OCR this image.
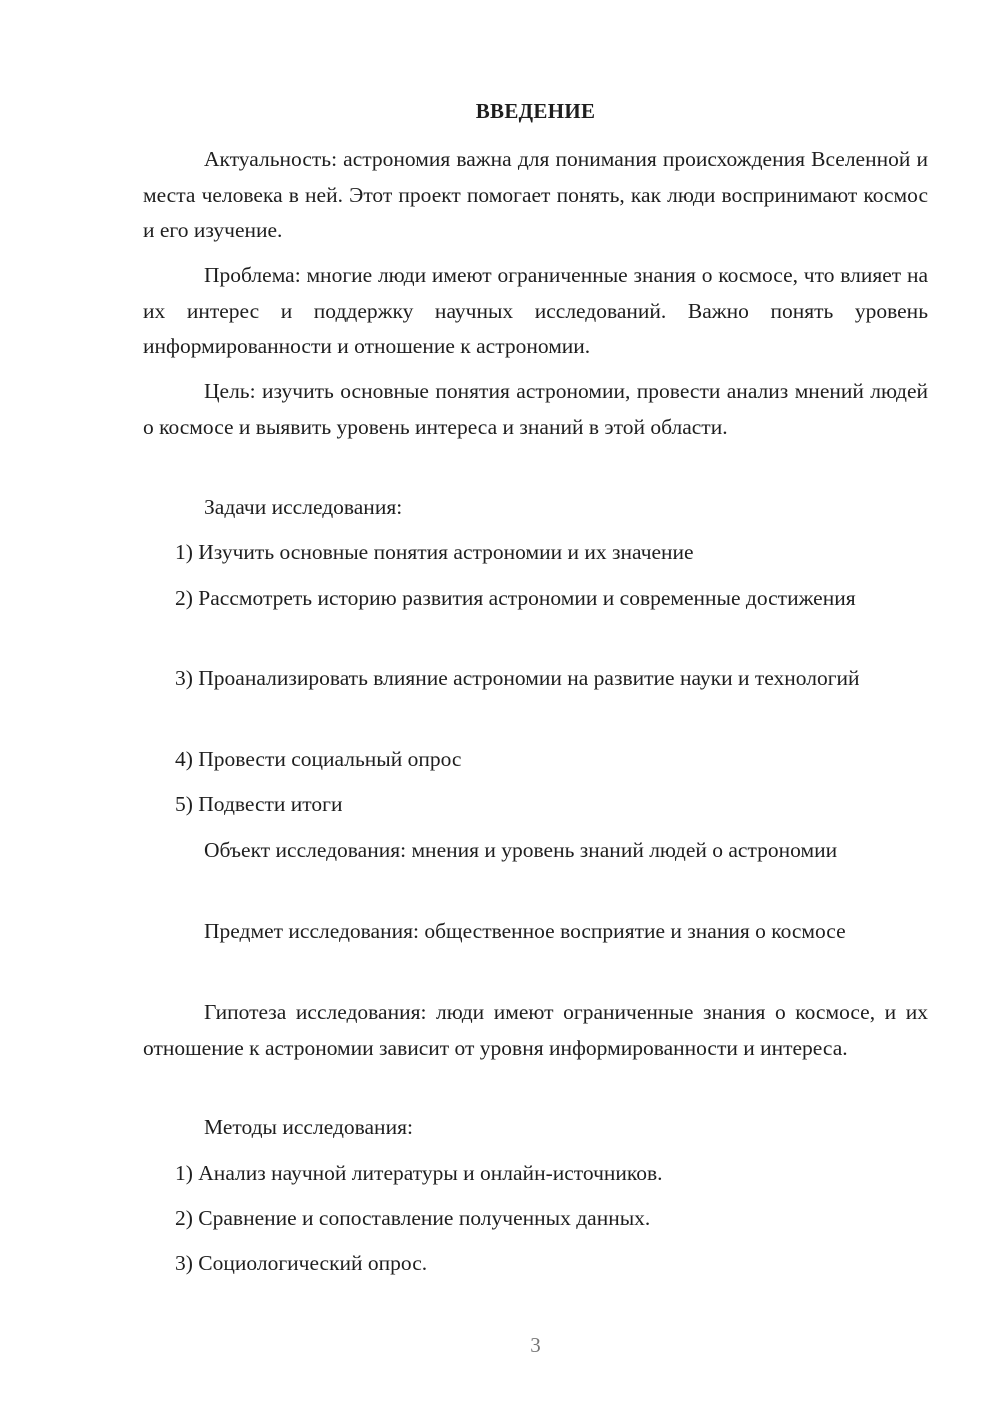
ВВЕДЕНИЕ

Актуальность: астрономия важна для понимания происхождения Вселенной и места человека в ней. Этот проект помогает понять, как люди воспринимают космос и его изучение.

Проблема: многие люди имеют ограниченные знания о космосе, что влияет на их интерес и поддержку научных исследований. Важно понять уровень информированности и отношение к астрономии.

Цель: изучить основные понятия астрономии, провести анализ мнений людей о космосе и выявить уровень интереса и знаний в этой области.

Задачи исследования:

1) Изучить основные понятия астрономии и их значение

2) Рассмотреть историю развития астрономии и современные достижения

3) Проанализировать влияние астрономии на развитие науки и технологий

4) Провести социальный опрос

5) Подвести итоги

Объект исследования: мнения и уровень знаний людей о астрономии

Предмет исследования: общественное восприятие и знания о космосе

Гипотеза исследования: люди имеют ограниченные знания о космосе, и их отношение к астрономии зависит от уровня информированности и интереса.

Методы исследования:

1) Анализ научной литературы и онлайн-источников.

2) Сравнение и сопоставление полученных данных.

3) Социологический опрос.

3
